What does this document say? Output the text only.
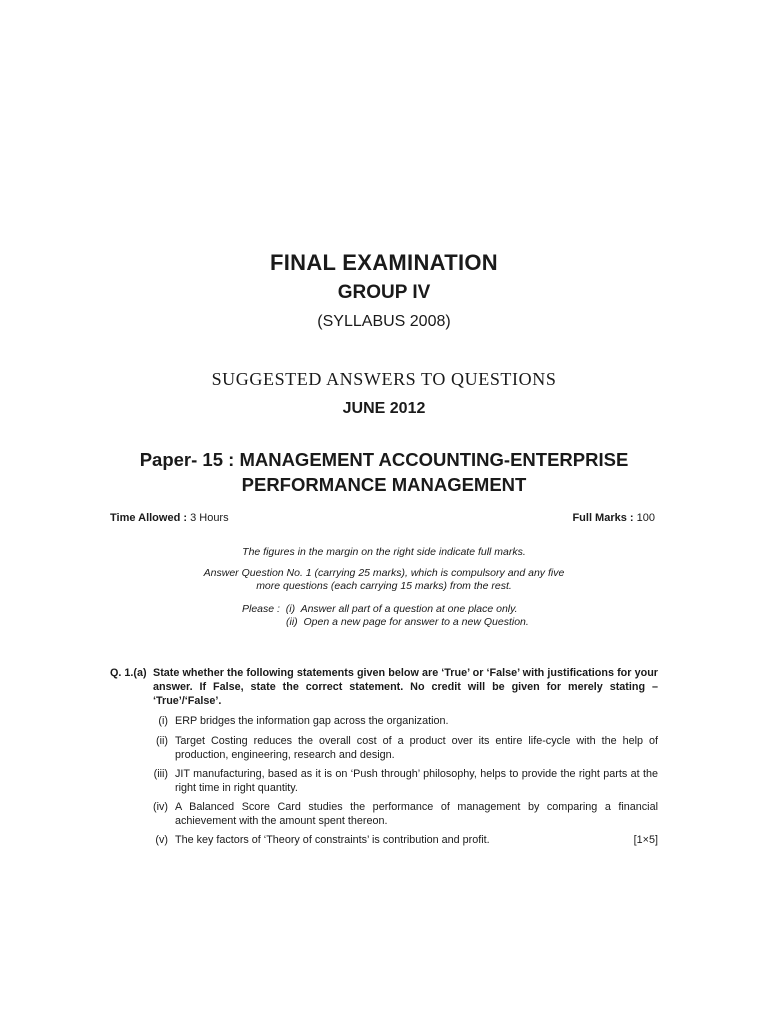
FINAL EXAMINATION
GROUP IV
(SYLLABUS 2008)
SUGGESTED ANSWERS TO QUESTIONS
JUNE 2012
Paper- 15 : MANAGEMENT ACCOUNTING-ENTERPRISE
PERFORMANCE MANAGEMENT
Time Allowed : 3 Hours	Full Marks : 100
The figures in the margin on the right side indicate full marks.
Answer Question No. 1 (carrying 25 marks), which is compulsory and any five more questions (each carrying 15 marks) from the rest.
Please : (i)  Answer all part of a question at one place only.
(ii)  Open a new page for answer to a new Question.
Q. 1.(a) State whether the following statements given below are ‘True’ or ‘False’ with justifications for your answer. If False, state the correct statement. No credit will be given for merely stating – ‘True’/‘False’.
(i) ERP bridges the information gap across the organization.
(ii) Target Costing reduces the overall cost of a product over its entire life-cycle with the help of production, engineering, research and design.
(iii) JIT manufacturing, based as it is on ‘Push through’ philosophy, helps to provide the right parts at the right time in right quantity.
(iv) A Balanced Score Card studies the performance of management by comparing a financial achievement with the amount spent thereon.
(v) The key factors of ‘Theory of constraints’ is contribution and profit.	[1×5]
